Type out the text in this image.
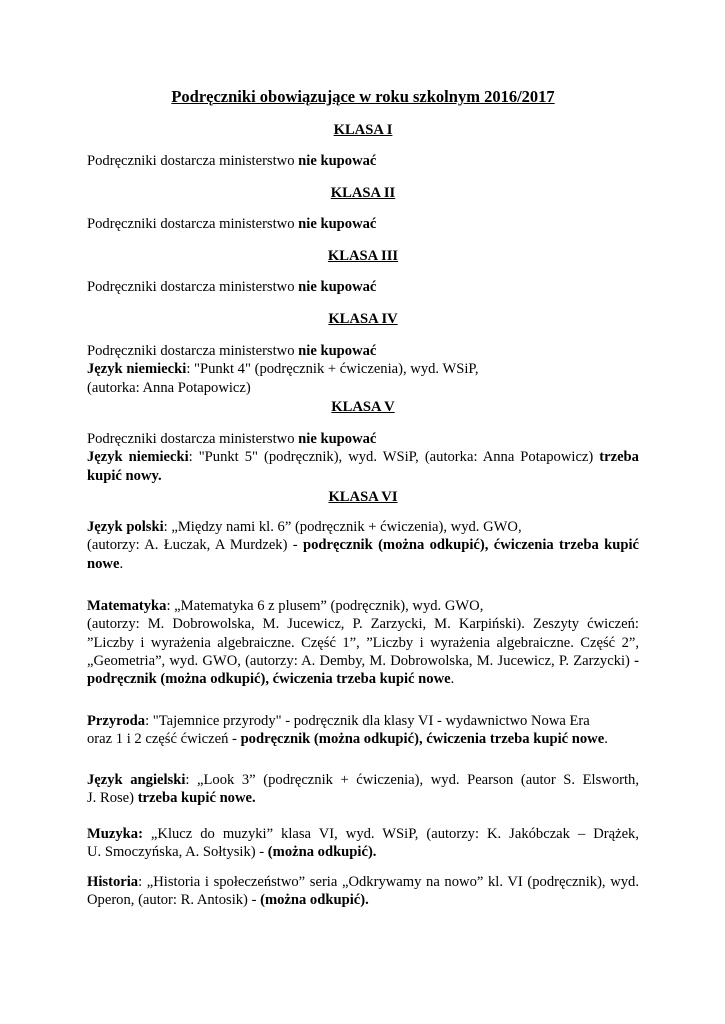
Podręczniki obowiązujące w roku szkolnym 2016/2017
KLASA I
Podręczniki dostarcza ministerstwo nie kupować
KLASA II
Podręczniki dostarcza ministerstwo nie kupować
KLASA III
Podręczniki dostarcza ministerstwo nie kupować
KLASA IV
Podręczniki dostarcza ministerstwo nie kupować
Język niemiecki: "Punkt 4" (podręcznik + ćwiczenia), wyd. WSiP,
(autorka: Anna Potapowicz)
KLASA V
Podręczniki dostarcza ministerstwo nie kupować
Język niemiecki: "Punkt 5" (podręcznik), wyd. WSiP, (autorka: Anna Potapowicz) trzeba
kupić nowy.
KLASA VI
Język polski: „Między nami kl. 6” (podręcznik + ćwiczenia), wyd. GWO,
(autorzy: A. Łuczak, A Murdzek) - podręcznik (można odkupić), ćwiczenia trzeba kupić
nowe.
Matematyka: „Matematyka 6 z plusem” (podręcznik), wyd. GWO,
(autorzy: M. Dobrowolska, M. Jucewicz, P. Zarzycki, M. Karpiński). Zeszyty ćwiczeń:
”Liczby i wyrażenia algebraiczne. Część 1”, ”Liczby i wyrażenia algebraiczne. Część 2”,
„Geometria”, wyd. GWO, (autorzy: A. Demby, M. Dobrowolska, M. Jucewicz, P. Zarzycki) -
podręcznik (można odkupić), ćwiczenia trzeba kupić nowe.
Przyroda: "Tajemnice przyrody" - podręcznik dla klasy VI - wydawnictwo Nowa Era
oraz 1 i 2 część ćwiczeń - podręcznik (można odkupić), ćwiczenia trzeba kupić nowe.
Język angielski: „Look 3” (podręcznik + ćwiczenia), wyd. Pearson (autor S. Elsworth,
J. Rose) trzeba kupić nowe.
Muzyka: „Klucz do muzyki” klasa VI, wyd. WSiP, (autorzy: K. Jakóbczak – Drążek,
U. Smoczyńska, A. Sołtysik) - (można odkupić).
Historia: „Historia i społeczeństwo” seria „Odkrywamy na nowo” kl. VI (podręcznik), wyd.
Operon, (autor: R. Antosik) - (można odkupić).
